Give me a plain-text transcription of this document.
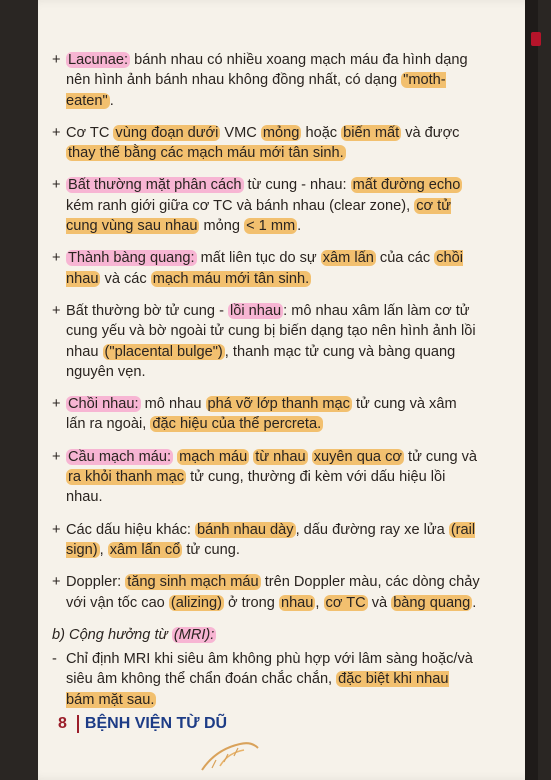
+ Lacunae: bánh nhau có nhiều xoang mạch máu đa hình dạng nên hình ảnh bánh nhau không đồng nhất, có dạng "moth-eaten" .
+ Cơ TC vùng đoạn dưới VMC mỏng hoặc biến mất và được thay thế bằng các mạch máu mới tân sinh.
+ Bất thường mặt phân cách từ cung - nhau: mất đường echo kém ranh giới giữa cơ TC và bánh nhau (clear zone), cơ tử cung vùng sau nhau mỏng < 1 mm .
+ Thành bàng quang: mất liên tục do sự xâm lấn của các chồi nhau và các mạch máu mới tân sinh.
+ Bất thường bờ tử cung - lồi nhau : mô nhau xâm lấn làm cơ tử cung yếu và bờ ngoài tử cung bị biến dạng tạo nên hình ảnh lồi nhau ("placental bulge") , thanh mạc tử cung và bàng quang nguyên vẹn.
+ Chồi nhau: mô nhau phá vỡ lớp thanh mạc tử cung và xâm lấn ra ngoài, đặc hiệu của thể percreta.
+ Cầu mạch máu: mạch máu từ nhau xuyên qua cơ tử cung và ra khỏi thanh mạc tử cung, thường đi kèm với dấu hiệu lồi nhau.
+ Các dấu hiệu khác: bánh nhau dày , dấu đường ray xe lửa (rail sign) , xâm lấn cổ tử cung.
+ Doppler: tăng sinh mạch máu trên Doppler màu, các dòng chảy với vận tốc cao (alizing) ở trong nhau , cơ TC và bàng quang .
b) Cộng hưởng từ (MRI):
- Chỉ định MRI khi siêu âm không phù hợp với lâm sàng hoặc/và siêu âm không thể chẩn đoán chắc chắn, đặc biệt khi nhau bám mặt sau.
8 BỆNH VIỆN TỪ DŨ
